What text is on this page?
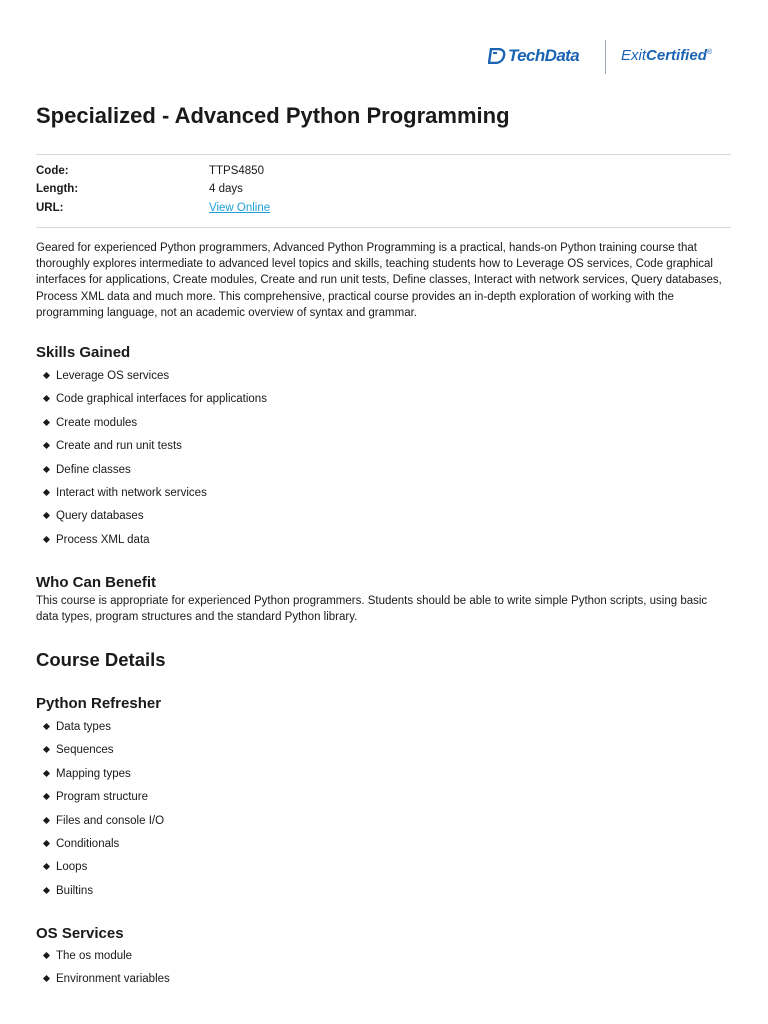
TechData	ExitCertified®
Specialized - Advanced Python Programming
Code:	TTPS4850
Length:	4 days
URL:	View Online

Geared for experienced Python programmers, Advanced Python Programming is a practical, hands-on Python training course that thoroughly explores intermediate to advanced level topics and skills, teaching students how to Leverage OS services, Code graphical interfaces for applications, Create modules, Create and run unit tests, Define classes, Interact with network services, Query databases, Process XML data and much more. This comprehensive, practical course provides an in-depth exploration of working with the programming language, not an academic overview of syntax and grammar.

Skills Gained
Leverage OS services
Code graphical interfaces for applications
Create modules
Create and run unit tests
Define classes
Interact with network services
Query databases
Process XML data
Who Can Benefit

This course is appropriate for experienced Python programmers. Students should be able to write simple Python scripts, using basic data types, program structures and the standard Python library.

Course Details
Python Refresher
Data types
Sequences
Mapping types
Program structure
Files and console I/O
Conditionals
Loops
Builtins
OS Services
The os module
Environment variables
